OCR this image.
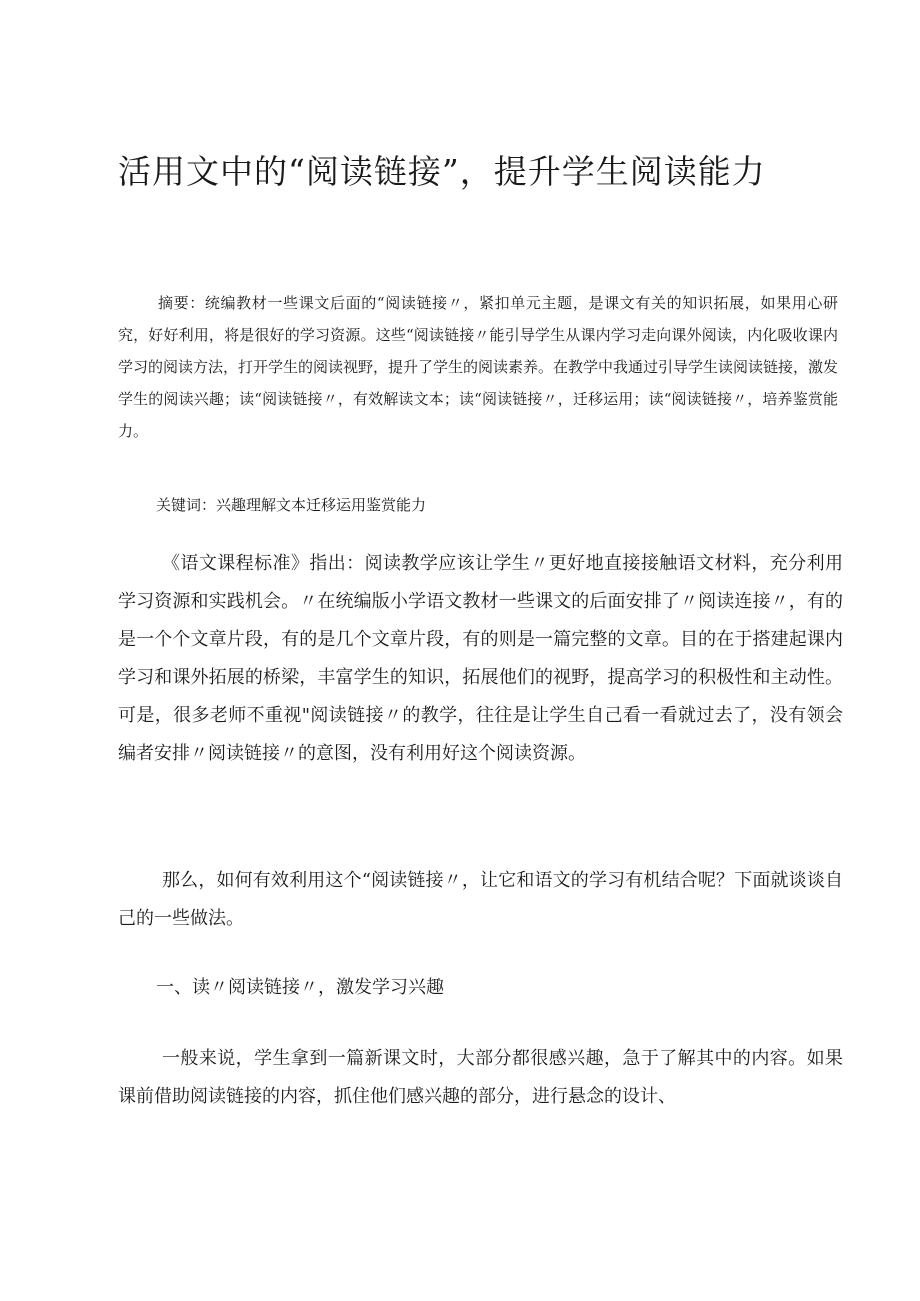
活用文中的“阅读链接”，提升学生阅读能力
摘要：统编教材一些课文后面的“阅读链接〃，紧扣单元主题，是课文有关的知识拓展，如果用心研究，好好利用，将是很好的学习资源。这些“阅读链接〃能引导学生从课内学习走向课外阅读，内化吸收课内学习的阅读方法，打开学生的阅读视野，提升了学生的阅读素养。在教学中我通过引导学生读阅读链接，激发学生的阅读兴趣；读“阅读链接〃，有效解读文本；读“阅读链接〃，迁移运用；读“阅读链接〃，培养鉴赏能力。
关键词：兴趣理解文本迁移运用鉴赏能力
《语文课程标准》指出：阅读教学应该让学生〃更好地直接接触语文材料，充分利用学习资源和实践机会。〃在统编版小学语文教材一些课文的后面安排了〃阅读连接〃，有的是一个个文章片段，有的是几个文章片段，有的则是一篇完整的文章。目的在于搭建起课内学习和课外拓展的桥梁，丰富学生的知识，拓展他们的视野，提高学习的积极性和主动性。可是，很多老师不重视"阅读链接〃的教学，往往是让学生自己看一看就过去了，没有领会编者安排〃阅读链接〃的意图，没有利用好这个阅读资源。
那么，如何有效利用这个“阅读链接〃，让它和语文的学习有机结合呢？下面就谈谈自己的一些做法。
一、读〃阅读链接〃，激发学习兴趣
一般来说，学生拿到一篇新课文时，大部分都很感兴趣，急于了解其中的内容。如果课前借助阅读链接的内容，抓住他们感兴趣的部分，进行悬念的设计、
